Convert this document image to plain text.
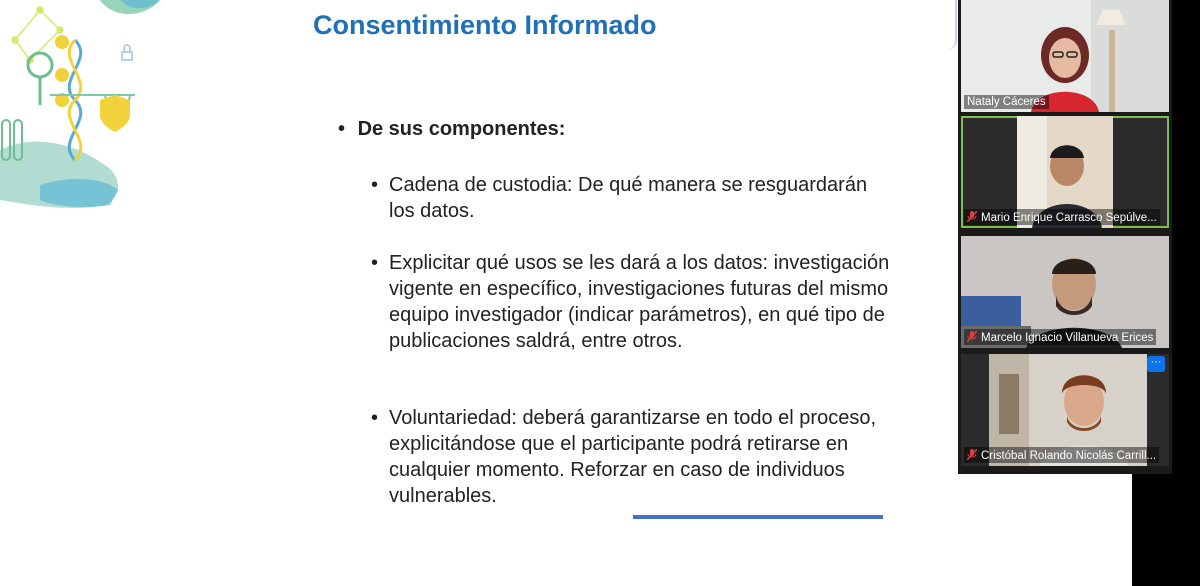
Consentimiento Informado
• De sus componentes:
• Cadena de custodia: De qué manera se resguardarán los datos.
• Explicitar qué usos se les dará a los datos: investigación vigente en específico, investigaciones futuras del mismo equipo investigador (indicar parámetros), en qué tipo de publicaciones saldrá, entre otros.
• Voluntariedad: deberá garantizarse en todo el proceso, explicitándose que el participante podrá retirarse en cualquier momento. Reforzar en caso de individuos vulnerables.
Nataly Cáceres
Mario Enrique Carrasco Sepúlve...
Marcelo Ignacio Villanueva Erices
···
Cristóbal Rolando Nicolás Carrill...
